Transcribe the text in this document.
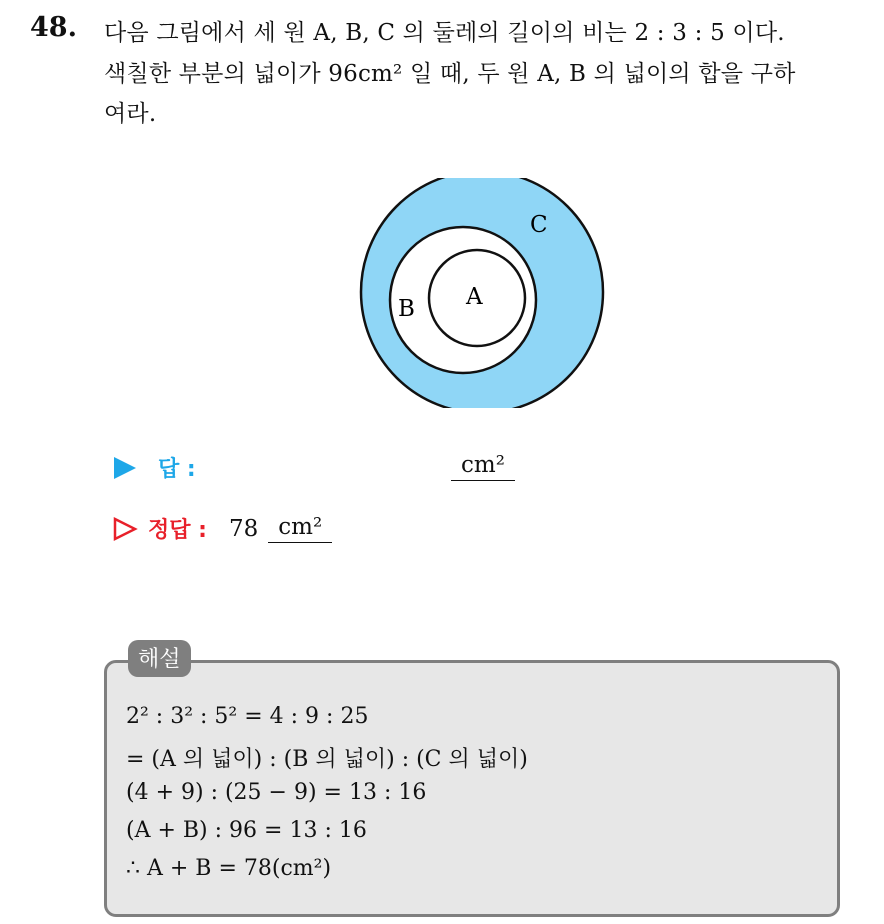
48. 다음 그림에서 세 원 A, B, C 의 둘레의 길이의 비는 2 : 3 : 5 이다.
색칠한 부분의 넓이가 96cm² 일 때, 두 원 A, B 의 넓이의 합을 구하
여라.
A
B
C
답 :	cm²
정답 : 78 cm²
해설
2² : 3² : 5² = 4 : 9 : 25
= (A 의 넓이) : (B 의 넓이) : (C 의 넓이)
(4 + 9) : (25 − 9) = 13 : 16
(A + B) : 96 = 13 : 16
∴ A + B = 78(cm²)
